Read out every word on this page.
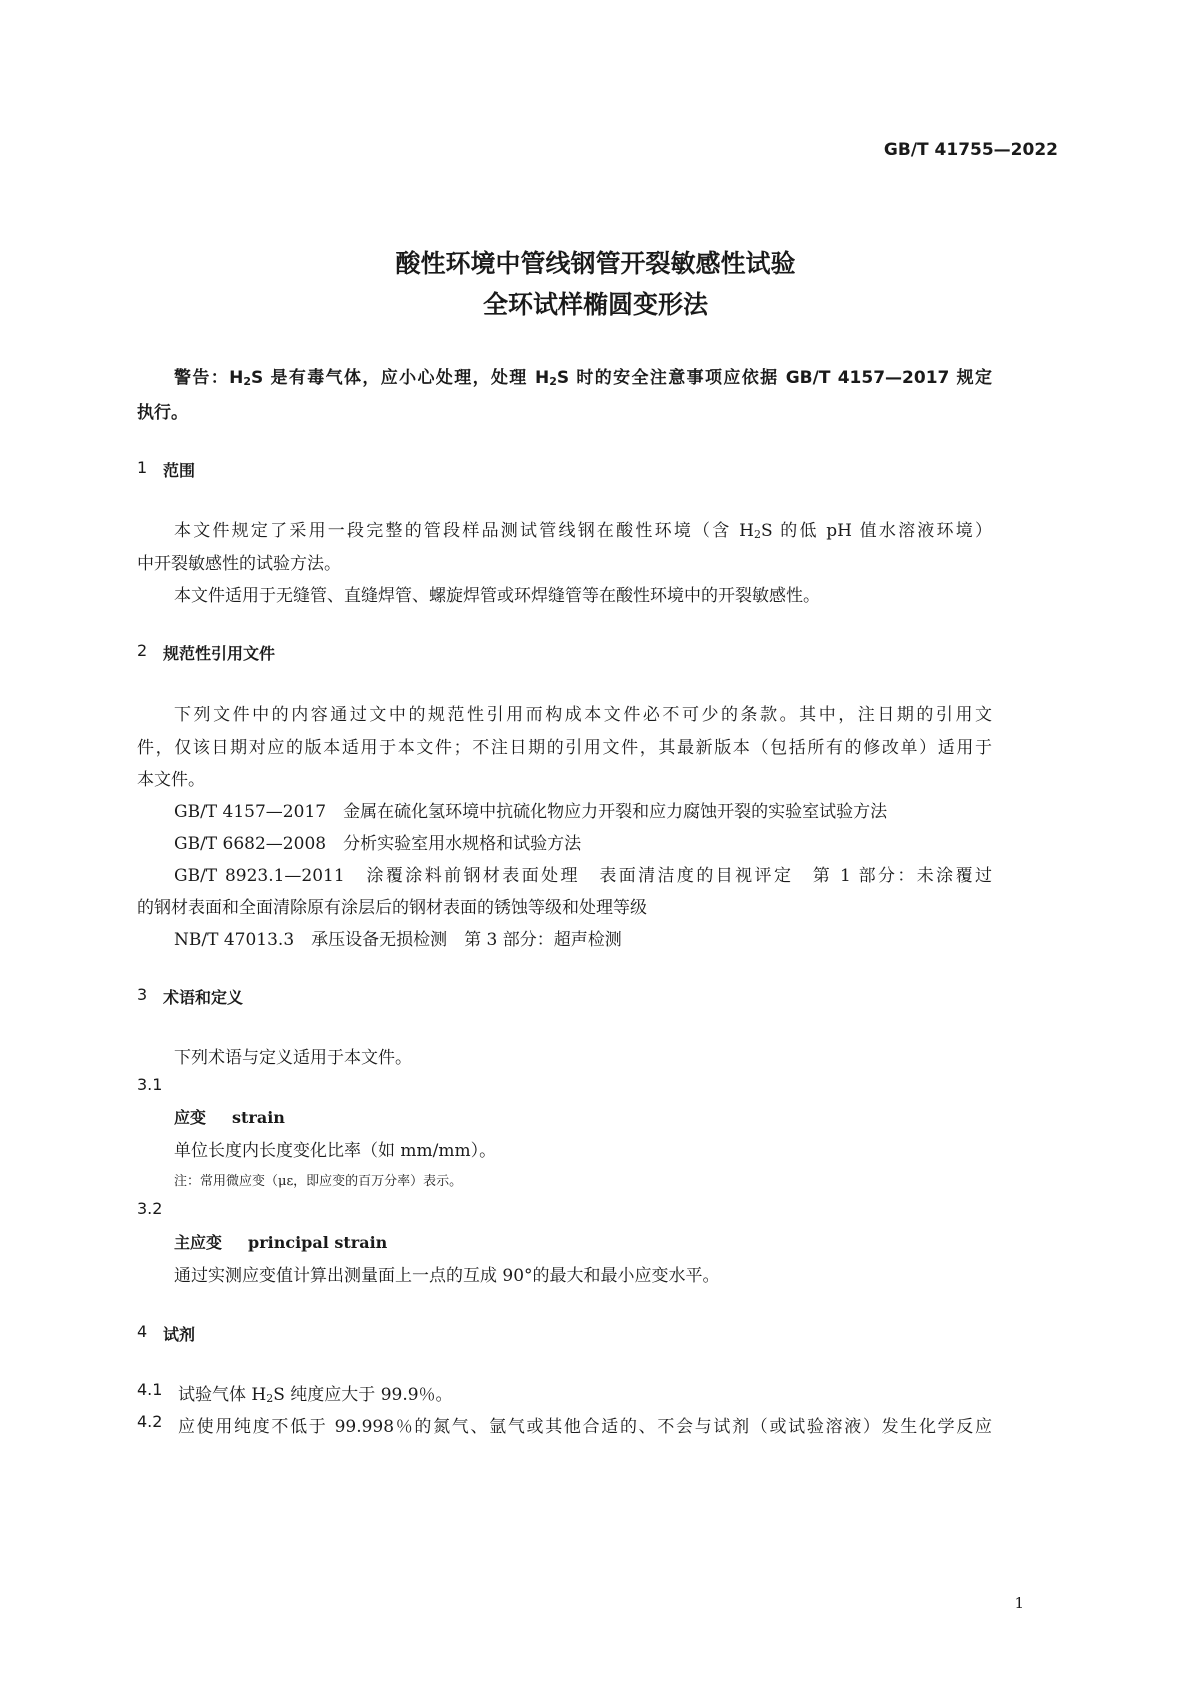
GB/T 41755—2022
酸性环境中管线钢管开裂敏感性试验
全环试样椭圆变形法
警告：$H_2S$ 是有毒气体，应小心处理，处理 $H_2S$ 时的安全注意事项应依据 GB/T 4157—2017 规定
执行。
1 范围
本文件规定了采用一段完整的管段样品测试管线钢在酸性环境（含 $H_2S$ 的低 pH 值水溶液环境）
中开裂敏感性的试验方法。
本文件适用于无缝管、直缝焊管、螺旋焊管或环焊缝管等在酸性环境中的开裂敏感性。
2 规范性引用文件
下列文件中的内容通过文中的规范性引用而构成本文件必不可少的条款。其中，注日期的引用文
件，仅该日期对应的版本适用于本文件；不注日期的引用文件，其最新版本（包括所有的修改单）适用于
本文件。
GB/T 4157—2017　金属在硫化氢环境中抗硫化物应力开裂和应力腐蚀开裂的实验室试验方法
GB/T 6682—2008　分析实验室用水规格和试验方法
GB/T 8923.1—2011　涂覆涂料前钢材表面处理　表面清洁度的目视评定　第 1 部分：未涂覆过
的钢材表面和全面清除原有涂层后的钢材表面的锈蚀等级和处理等级
NB/T 47013.3　承压设备无损检测　第 3 部分：超声检测
3 术语和定义
下列术语与定义适用于本文件。
3.1
应变 strain
单位长度内长度变化比率（如 mm/mm）。
注：常用微应变（με，即应变的百万分率）表示。
3.2
主应变 principal strain
通过实测应变值计算出测量面上一点的互成 90°的最大和最小应变水平。
4 试剂
4.1 试验气体 $H_2S$ 纯度应大于 99.9％。
4.2 应使用纯度不低于 99.998％的氮气、氩气或其他合适的、不会与试剂（或试验溶液）发生化学反应
1
